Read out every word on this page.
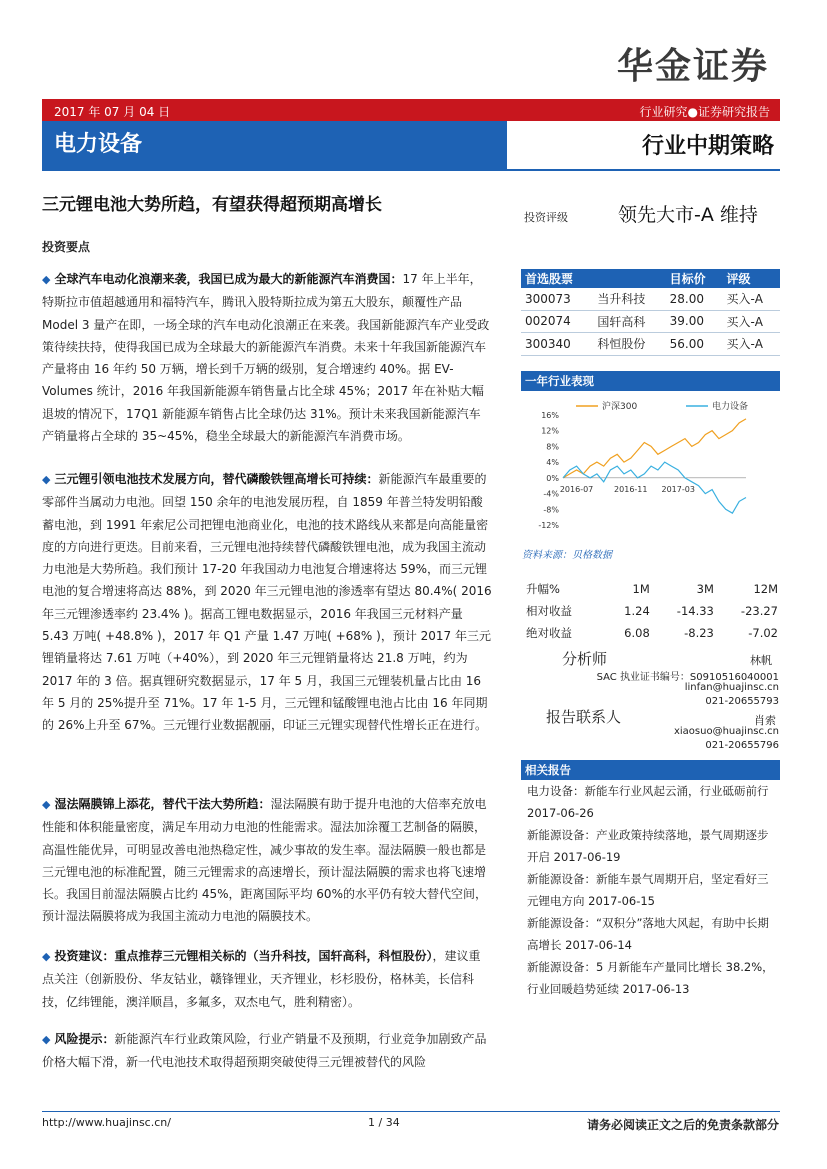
华金证券
2017 年 07 月 04 日	行业研究●证券研究报告
电力设备	行业中期策略
三元锂电池大势所趋，有望获得超预期高增长
投资要点
◆ 全球汽车电动化浪潮来袭，我国已成为最大的新能源汽车消费国：17 年上半年，特斯拉市值超越通用和福特汽车，腾讯入股特斯拉成为第五大股东，颠覆性产品 Model 3 量产在即，一场全球的汽车电动化浪潮正在来袭。我国新能源汽车产业受政策待续扶持，使得我国已成为全球最大的新能源汽车消费。未来十年我国新能源汽车产量将由 16 年约 50 万辆，增长到千万辆的级别，复合增速约 40%。据 EV-Volumes 统计，2016 年我国新能源车销售量占比全球 45%；2017 年在补贴大幅退坡的情况下，17Q1 新能源车销售占比全球仍达 31%。预计未来我国新能源汽车产销量将占全球的 35~45%，稳坐全球最大的新能源汽车消费市场。
◆ 三元锂引领电池技术发展方向，替代磷酸铁锂高增长可持续：新能源汽车最重要的零部件当属动力电池。回望 150 余年的电池发展历程，自 1859 年普兰特发明铅酸蓄电池，到 1991 年索尼公司把锂电池商业化，电池的技术路线从来都是向高能量密度的方向进行更迭。目前来看，三元锂电池持续替代磷酸铁锂电池，成为我国主流动力电池是大势所趋。我们预计 17-20 年我国动力电池复合增速将达 59%，而三元锂电池的复合增速将高达 88%，到 2020 年三元锂电池的渗透率有望达 80.4%( 2016 年三元锂渗透率约 23.4% )。据高工锂电数据显示，2016 年我国三元材料产量 5.43 万吨( +48.8% )，2017 年 Q1 产量 1.47 万吨( +68% )，预计 2017 年三元锂销量将达 7.61 万吨（+40%），到 2020 年三元锂销量将达 21.8 万吨，约为 2017 年的 3 倍。据真锂研究数据显示，17 年 5 月，我国三元锂装机量占比由 16 年 5 月的 25%提升至 71%。17 年 1-5 月，三元锂和锰酸锂电池占比由 16 年同期的 26%上升至 67%。三元锂行业数据靓丽，印证三元锂实现替代性增长正在进行。
◆ 湿法隔膜锦上添花，替代干法大势所趋：湿法隔膜有助于提升电池的大倍率充放电性能和体积能量密度，满足车用动力电池的性能需求。湿法加涂覆工艺制备的隔膜，高温性能优异，可明显改善电池热稳定性，减少事故的发生率。湿法隔膜一般也都是三元锂电池的标准配置，随三元锂需求的高速增长，预计湿法隔膜的需求也将飞速增长。我国目前湿法隔膜占比约 45%，距离国际平均 60%的水平仍有较大替代空间，预计湿法隔膜将成为我国主流动力电池的隔膜技术。
◆ 投资建议：重点推荐三元锂相关标的（当升科技，国轩高科，科恒股份），建议重点关注（创新股份、华友钴业，赣锋锂业，天齐锂业，杉杉股份，格林美，长信科技，亿纬锂能，澳洋顺昌，多氟多，双杰电气，胜利精密）。
◆ 风险提示：新能源汽车行业政策风险，行业产销量不及预期，行业竞争加剧致产品价格大幅下滑，新一代电池技术取得超预期突破使得三元锂被替代的风险
投资评级	领先大市-A 维持
首选股票		目标价	评级
300073	当升科技	28.00	买入-A
002074	国轩高科	39.00	买入-A
300340	科恒股份	56.00	买入-A
一年行业表现
沪深300	电力设备
16%
12%
8%
4%
0%
-4%
-8%
-12%
2016-07	2016-11 2017-03
资料来源：贝格数据
升幅%	1M	3M	12M
相对收益	1.24	-14.33	-23.27
绝对收益	6.08	-8.23	-7.02
分析师	林帆
SAC 执业证书编号：S0910516040001
linfan@huajinsc.cn
021-20655793
报告联系人	肖索
xiaosuo@huajinsc.cn
021-20655796
相关报告
电力设备：新能车行业风起云涌，行业砥砺前行 2017-06-26
新能源设备：产业政策持续落地，景气周期逐步开启 2017-06-19
新能源设备：新能车景气周期开启，坚定看好三元锂电方向 2017-06-15
新能源设备：“双积分”落地大风起，有助中长期高增长 2017-06-14
新能源设备：5 月新能车产量同比增长 38.2%，行业回暖趋势延续 2017-06-13
http://www.huajinsc.cn/	1 / 34	请务必阅读正文之后的免责条款部分
